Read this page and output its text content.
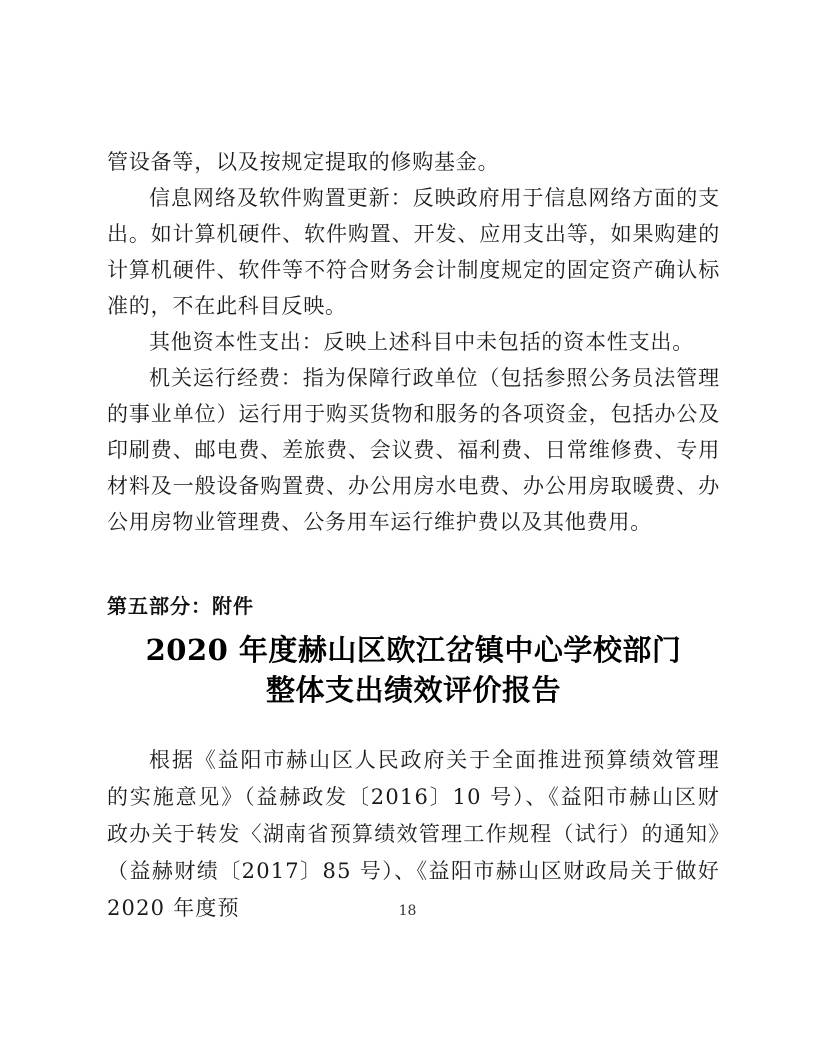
管设备等，以及按规定提取的修购基金。

信息网络及软件购置更新：反映政府用于信息网络方面的支出。如计算机硬件、软件购置、开发、应用支出等，如果购建的计算机硬件、软件等不符合财务会计制度规定的固定资产确认标准的，不在此科目反映。

其他资本性支出：反映上述科目中未包括的资本性支出。

机关运行经费：指为保障行政单位（包括参照公务员法管理的事业单位）运行用于购买货物和服务的各项资金，包括办公及印刷费、邮电费、差旅费、会议费、福利费、日常维修费、专用材料及一般设备购置费、办公用房水电费、办公用房取暖费、办公用房物业管理费、公务用车运行维护费以及其他费用。

第五部分：附件
2020 年度赫山区欧江岔镇中心学校部门
整体支出绩效评价报告

根据《益阳市赫山区人民政府关于全面推进预算绩效管理的实施意见》（益赫政发〔2016〕10 号）、《益阳市赫山区财政办关于转发〈湖南省预算绩效管理工作规程（试行）的通知》（益赫财绩〔2017〕85 号）、《益阳市赫山区财政局关于做好 2020 年度预	18
